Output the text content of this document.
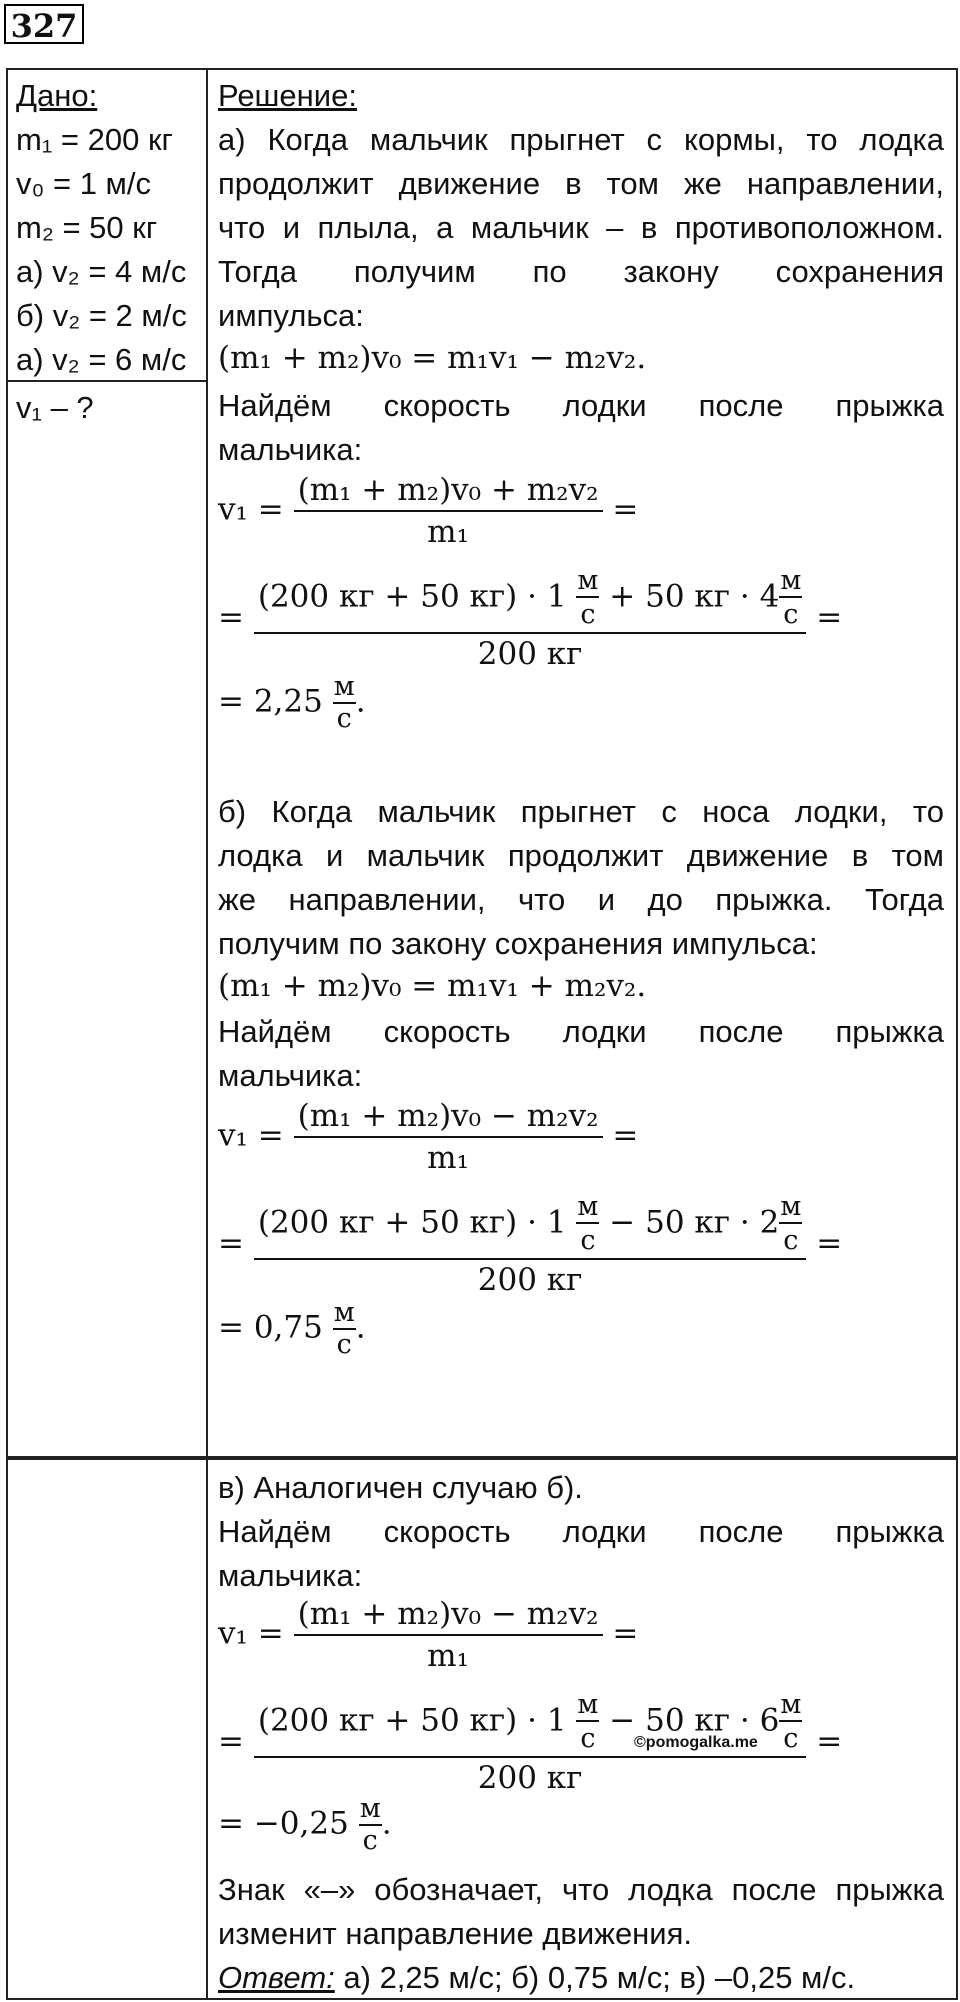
327
Дано:
m₁ = 200 кг
v₀ = 1 м/с
m₂ = 50 кг
а) v₂ = 4 м/с
б) v₂ = 2 м/с
а) v₂ = 6 м/с
v₁ – ?
Решение:
а) Когда мальчик прыгнет с кормы, то лодка
продолжит движение в том же направлении,
что и плыла, а мальчик – в противоположном.
Тогда получим по закону сохранения
импульса:
(m₁ + m₂)v₀ = m₁v₁ − m₂v₂.
Найдём скорость лодки после прыжка
мальчика:
$v_1 = \frac{\text{(m₁ + m₂)v₀ + m₂v₂}}{\text{m₁}}$ =
= (200 кг + 50 кг) · 1 м
с + 50 кг · 4 м
с
200 кг =
= 2,25 м
с .
б) Когда мальчик прыгнет с носа лодки, то
лодка и мальчик продолжит движение в том
же направлении, что и до прыжка. Тогда
получим по закону сохранения импульса:
(m₁ + m₂)v₀ = m₁v₁ + m₂v₂.
Найдём скорость лодки после прыжка
мальчика:
$v_1 = \frac{\text{(m₁ + m₂)v₀ − m₂v₂}}{\text{m₁}}$ =
= (200 кг + 50 кг) · 1 м
с − 50 кг · 2 м
с
200 кг =
= 0,75 м
с .
в) Аналогичен случаю б).
Найдём скорость лодки после прыжка
мальчика:
$v_1 = \frac{\text{(m₁ + m₂)v₀ − m₂v₂}}{\text{m₁}}$ =
= (200 кг + 50 кг) · 1 м
с − 50 кг · 6 м
с
200 кг =
©pomogalka.me
= −0,25 м
с .
Знак «–» обозначает, что лодка после прыжка
изменит направление движения.
Ответ: а) 2,25 м/с; б) 0,75 м/с; в) –0,25 м/с.
